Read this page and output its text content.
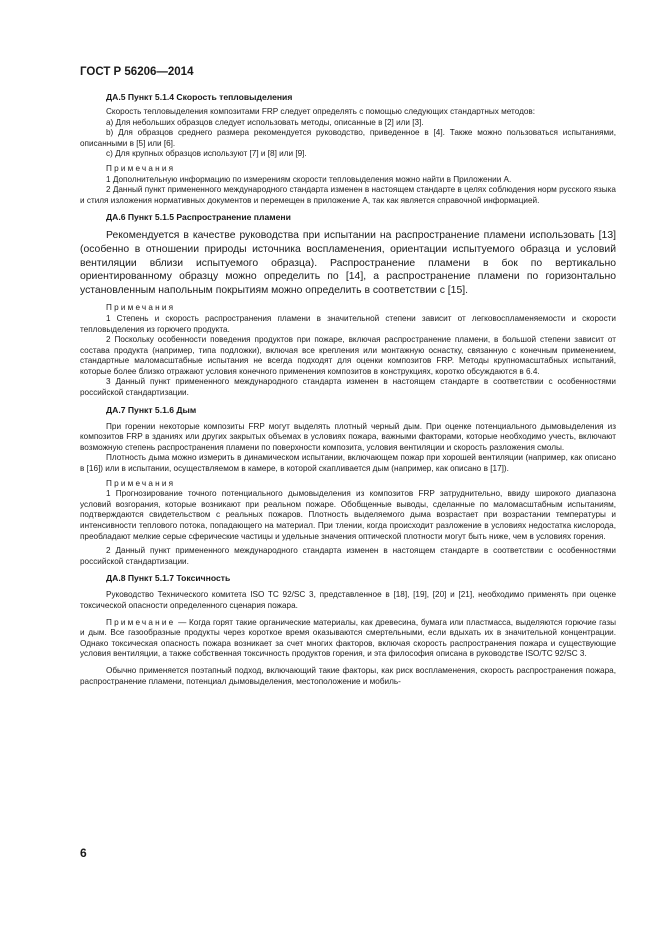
ГОСТ Р 56206—2014

ДА.5 Пункт 5.1.4 Скорость тепловыделения

Скорость тепловыделения композитами FRP следует определять с помощью следующих стандартных методов:

a) Для небольших образцов следует использовать методы, описанные в [2] или [3].

b) Для образцов среднего размера рекомендуется руководство, приведенное в [4]. Также можно пользоваться испытаниями, описанными в [5] или [6].

c) Для крупных образцов используют [7] и [8] или [9].

Примечания

1 Дополнительную информацию по измерениям скорости тепловыделения можно найти в Приложении А.

2 Данный пункт примененного международного стандарта изменен в настоящем стандарте в целях соблюдения норм русского языка и стиля изложения нормативных документов и перемещен в приложение А, так как является справочной информацией.

ДА.6 Пункт 5.1.5 Распространение пламени

Рекомендуется в качестве руководства при испытании на распространение пламени использовать [13] (особенно в отношении природы источника воспламенения, ориентации испытуемого образца и условий вентиляции вблизи испытуемого образца). Распространение пламени в бок по вертикально ориентированному образцу можно определить по [14], а распространение пламени по горизонтально установленным напольным покрытиям можно определить в соответствии с [15].

Примечания

1 Степень и скорость распространения пламени в значительной степени зависит от легковоспламеняемости и скорости тепловыделения из горючего продукта.

2 Поскольку особенности поведения продуктов при пожаре, включая распространение пламени, в большой степени зависит от состава продукта (например, типа подложки), включая все крепления или монтажную оснастку, связанную с конечным применением, стандартные маломасштабные испытания не всегда подходят для оценки композитов FRP. Методы крупномасштабных испытаний, которые более близко отражают условия конечного применения композитов в конструкциях, коротко обсуждаются в 6.4.

3 Данный пункт примененного международного стандарта изменен в настоящем стандарте в соответствии с особенностями российской стандартизации.

ДА.7 Пункт 5.1.6 Дым

При горении некоторые композиты FRP могут выделять плотный черный дым. При оценке потенциального дымовыделения из композитов FRP в зданиях или других закрытых объемах в условиях пожара, важными факторами, которые необходимо учесть, включают возможную степень распространения пламени по поверхности композита, условия вентиляции и скорость разложения смолы.

Плотность дыма можно измерить в динамическом испытании, включающем пожар при хорошей вентиляции (например, как описано в [16]) или в испытании, осуществляемом в камере, в которой скапливается дым (например, как описано в [17]).

Примечания

1 Прогнозирование точного потенциального дымовыделения из композитов FRP затруднительно, ввиду широкого диапазона условий возгорания, которые возникают при реальном пожаре. Обобщенные выводы, сделанные по маломасштабным испытаниям, подтверждаются свидетельством с реальных пожаров. Плотность выделяемого дыма возрастает при возрастании температуры и интенсивности теплового потока, попадающего на материал. При тлении, когда происходит разложение в условиях недостатка кислорода, преобладают мелкие серые сферические частицы и удельные значения оптической плотности могут быть ниже, чем в условиях горения.

2 Данный пункт примененного международного стандарта изменен в настоящем стандарте в соответствии с особенностями российской стандартизации.

ДА.8 Пункт 5.1.7 Токсичность

Руководство Технического комитета ISO TC 92/SC 3, представленное в [18], [19], [20] и [21], необходимо применять при оценке токсической опасности определенного сценария пожара.

Примечание — Когда горят такие органические материалы, как древесина, бумага или пластмасса, выделяются горючие газы и дым. Все газообразные продукты через короткое время оказываются смертельными, если вдыхать их в значительной концентрации. Однако токсическая опасность пожара возникает за счет многих факторов, включая скорость распространения пожара и существующие условия вентиляции, а также собственная токсичность продуктов горения, и эта философия описана в руководстве ISO/TC 92/SC 3.

Обычно применяется поэтапный подход, включающий такие факторы, как риск воспламенения, скорость распространения пожара, распространение пламени, потенциал дымовыделения, местоположение и мобиль-

6
